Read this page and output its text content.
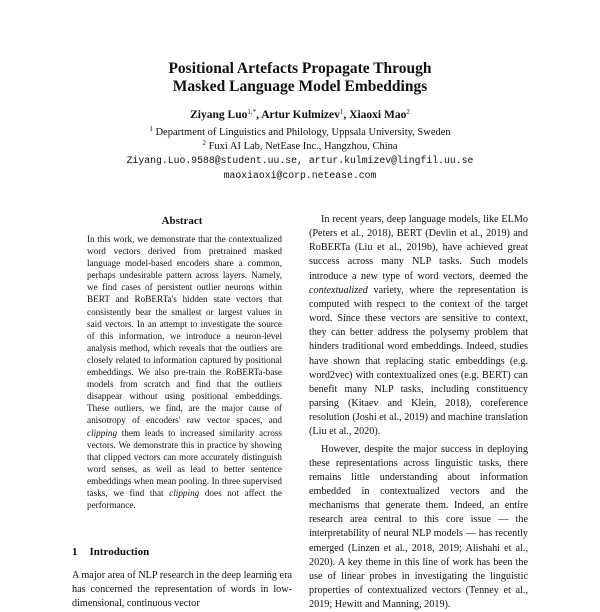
Positional Artefacts Propagate Through
Masked Language Model Embeddings
Ziyang Luo$^{1,*}$, Artur Kulmizev$^1$, Xiaoxi Mao$^2$
$^1$ Department of Linguistics and Philology, Uppsala University, Sweden
$^2$ Fuxi AI Lab, NetEase Inc., Hangzhou, China
Ziyang.Luo.9588@student.uu.se, artur.kulmizev@lingfil.uu.se
maoxiaoxi@corp.netease.com
Abstract
In this work, we demonstrate that the contextualized word vectors derived from pretrained masked language model-based encoders share a common, perhaps undesirable pattern across layers. Namely, we find cases of persistent outlier neurons within BERT and RoBERTa's hidden state vectors that consistently bear the smallest or largest values in said vectors. In an attempt to investigate the source of this information, we introduce a neuron-level analysis method, which reveals that the outliers are closely related to information captured by positional embeddings. We also pre-train the RoBERTa-base models from scratch and find that the outliers disappear without using positional embeddings. These outliers, we find, are the major cause of anisotropy of encoders' raw vector spaces, and clipping them leads to increased similarity across vectors. We demonstrate this in practice by showing that clipped vectors can more accurately distinguish word senses, as well as lead to better sentence embeddings when mean pooling. In three supervised tasks, we find that clipping does not affect the performance.
1 Introduction
A major area of NLP research in the deep learning era has concerned the representation of words in low-dimensional, continuous vector

In recent years, deep language models, like ELMo (Peters et al., 2018), BERT (Devlin et al., 2019) and RoBERTa (Liu et al., 2019b), have achieved great success across many NLP tasks. Such models introduce a new type of word vectors, deemed the contextualized variety, where the representation is computed with respect to the context of the target word. Since these vectors are sensitive to context, they can better address the polysemy problem that hinders traditional word embeddings. Indeed, studies have shown that replacing static embeddings (e.g. word2vec) with contextualized ones (e.g. BERT) can benefit many NLP tasks, including constituency parsing (Kitaev and Klein, 2018), coreference resolution (Joshi et al., 2019) and machine translation (Liu et al., 2020).

However, despite the major success in deploying these representations across linguistic tasks, there remains little understanding about information embedded in contextualized vectors and the mechanisms that generate them. Indeed, an entire research area central to this core issue — the interpretability of neural NLP models — has recently emerged (Linzen et al., 2018, 2019; Alishahi et al., 2020). A key theme in this line of work has been the use of linear probes in investigating the linguistic properties of contextualized vectors (Tenney et al., 2019; Hewitt and Manning, 2019).
